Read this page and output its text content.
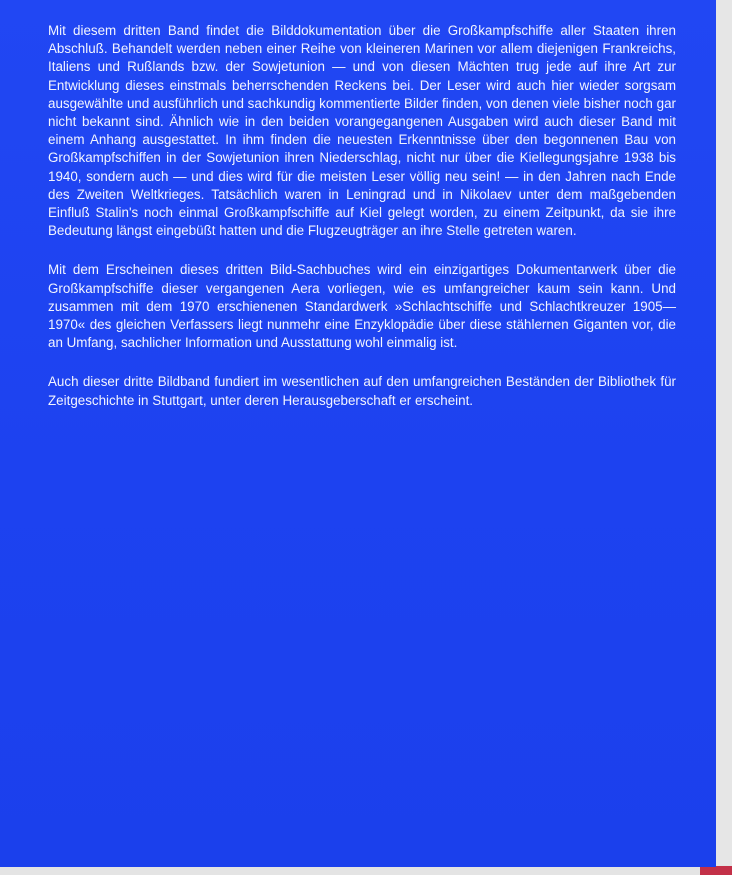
Mit diesem dritten Band findet die Bilddokumentation über die Großkampfschiffe aller Staaten ihren Abschluß. Behandelt werden neben einer Reihe von kleineren Marinen vor allem diejenigen Frankreichs, Italiens und Rußlands bzw. der Sowjetunion — und von diesen Mächten trug jede auf ihre Art zur Entwicklung dieses einstmals beherrschenden Reckens bei. Der Leser wird auch hier wieder sorgsam ausgewählte und ausführlich und sachkundig kommentierte Bilder finden, von denen viele bisher noch gar nicht bekannt sind. Ähnlich wie in den beiden vorangegangenen Ausgaben wird auch dieser Band mit einem Anhang ausgestattet. In ihm finden die neuesten Erkenntnisse über den begonnenen Bau von Großkampfschiffen in der Sowjetunion ihren Niederschlag, nicht nur über die Kiellegungsjahre 1938 bis 1940, sondern auch — und dies wird für die meisten Leser völlig neu sein! — in den Jahren nach Ende des Zweiten Weltkrieges. Tatsächlich waren in Leningrad und in Nikolaev unter dem maßgebenden Einfluß Stalin's noch einmal Großkampfschiffe auf Kiel gelegt worden, zu einem Zeitpunkt, da sie ihre Bedeutung längst eingebüßt hatten und die Flugzeugträger an ihre Stelle getreten waren.

Mit dem Erscheinen dieses dritten Bild-Sachbuches wird ein einzigartiges Dokumentarwerk über die Großkampfschiffe dieser vergangenen Aera vorliegen, wie es umfangreicher kaum sein kann. Und zusammen mit dem 1970 erschienenen Standardwerk »Schlachtschiffe und Schlachtkreuzer 1905—1970« des gleichen Verfassers liegt nunmehr eine Enzyklopädie über diese stählernen Giganten vor, die an Umfang, sachlicher Information und Ausstattung wohl einmalig ist.

Auch dieser dritte Bildband fundiert im wesentlichen auf den umfangreichen Beständen der Bibliothek für Zeitgeschichte in Stuttgart, unter deren Herausgeberschaft er erscheint.
